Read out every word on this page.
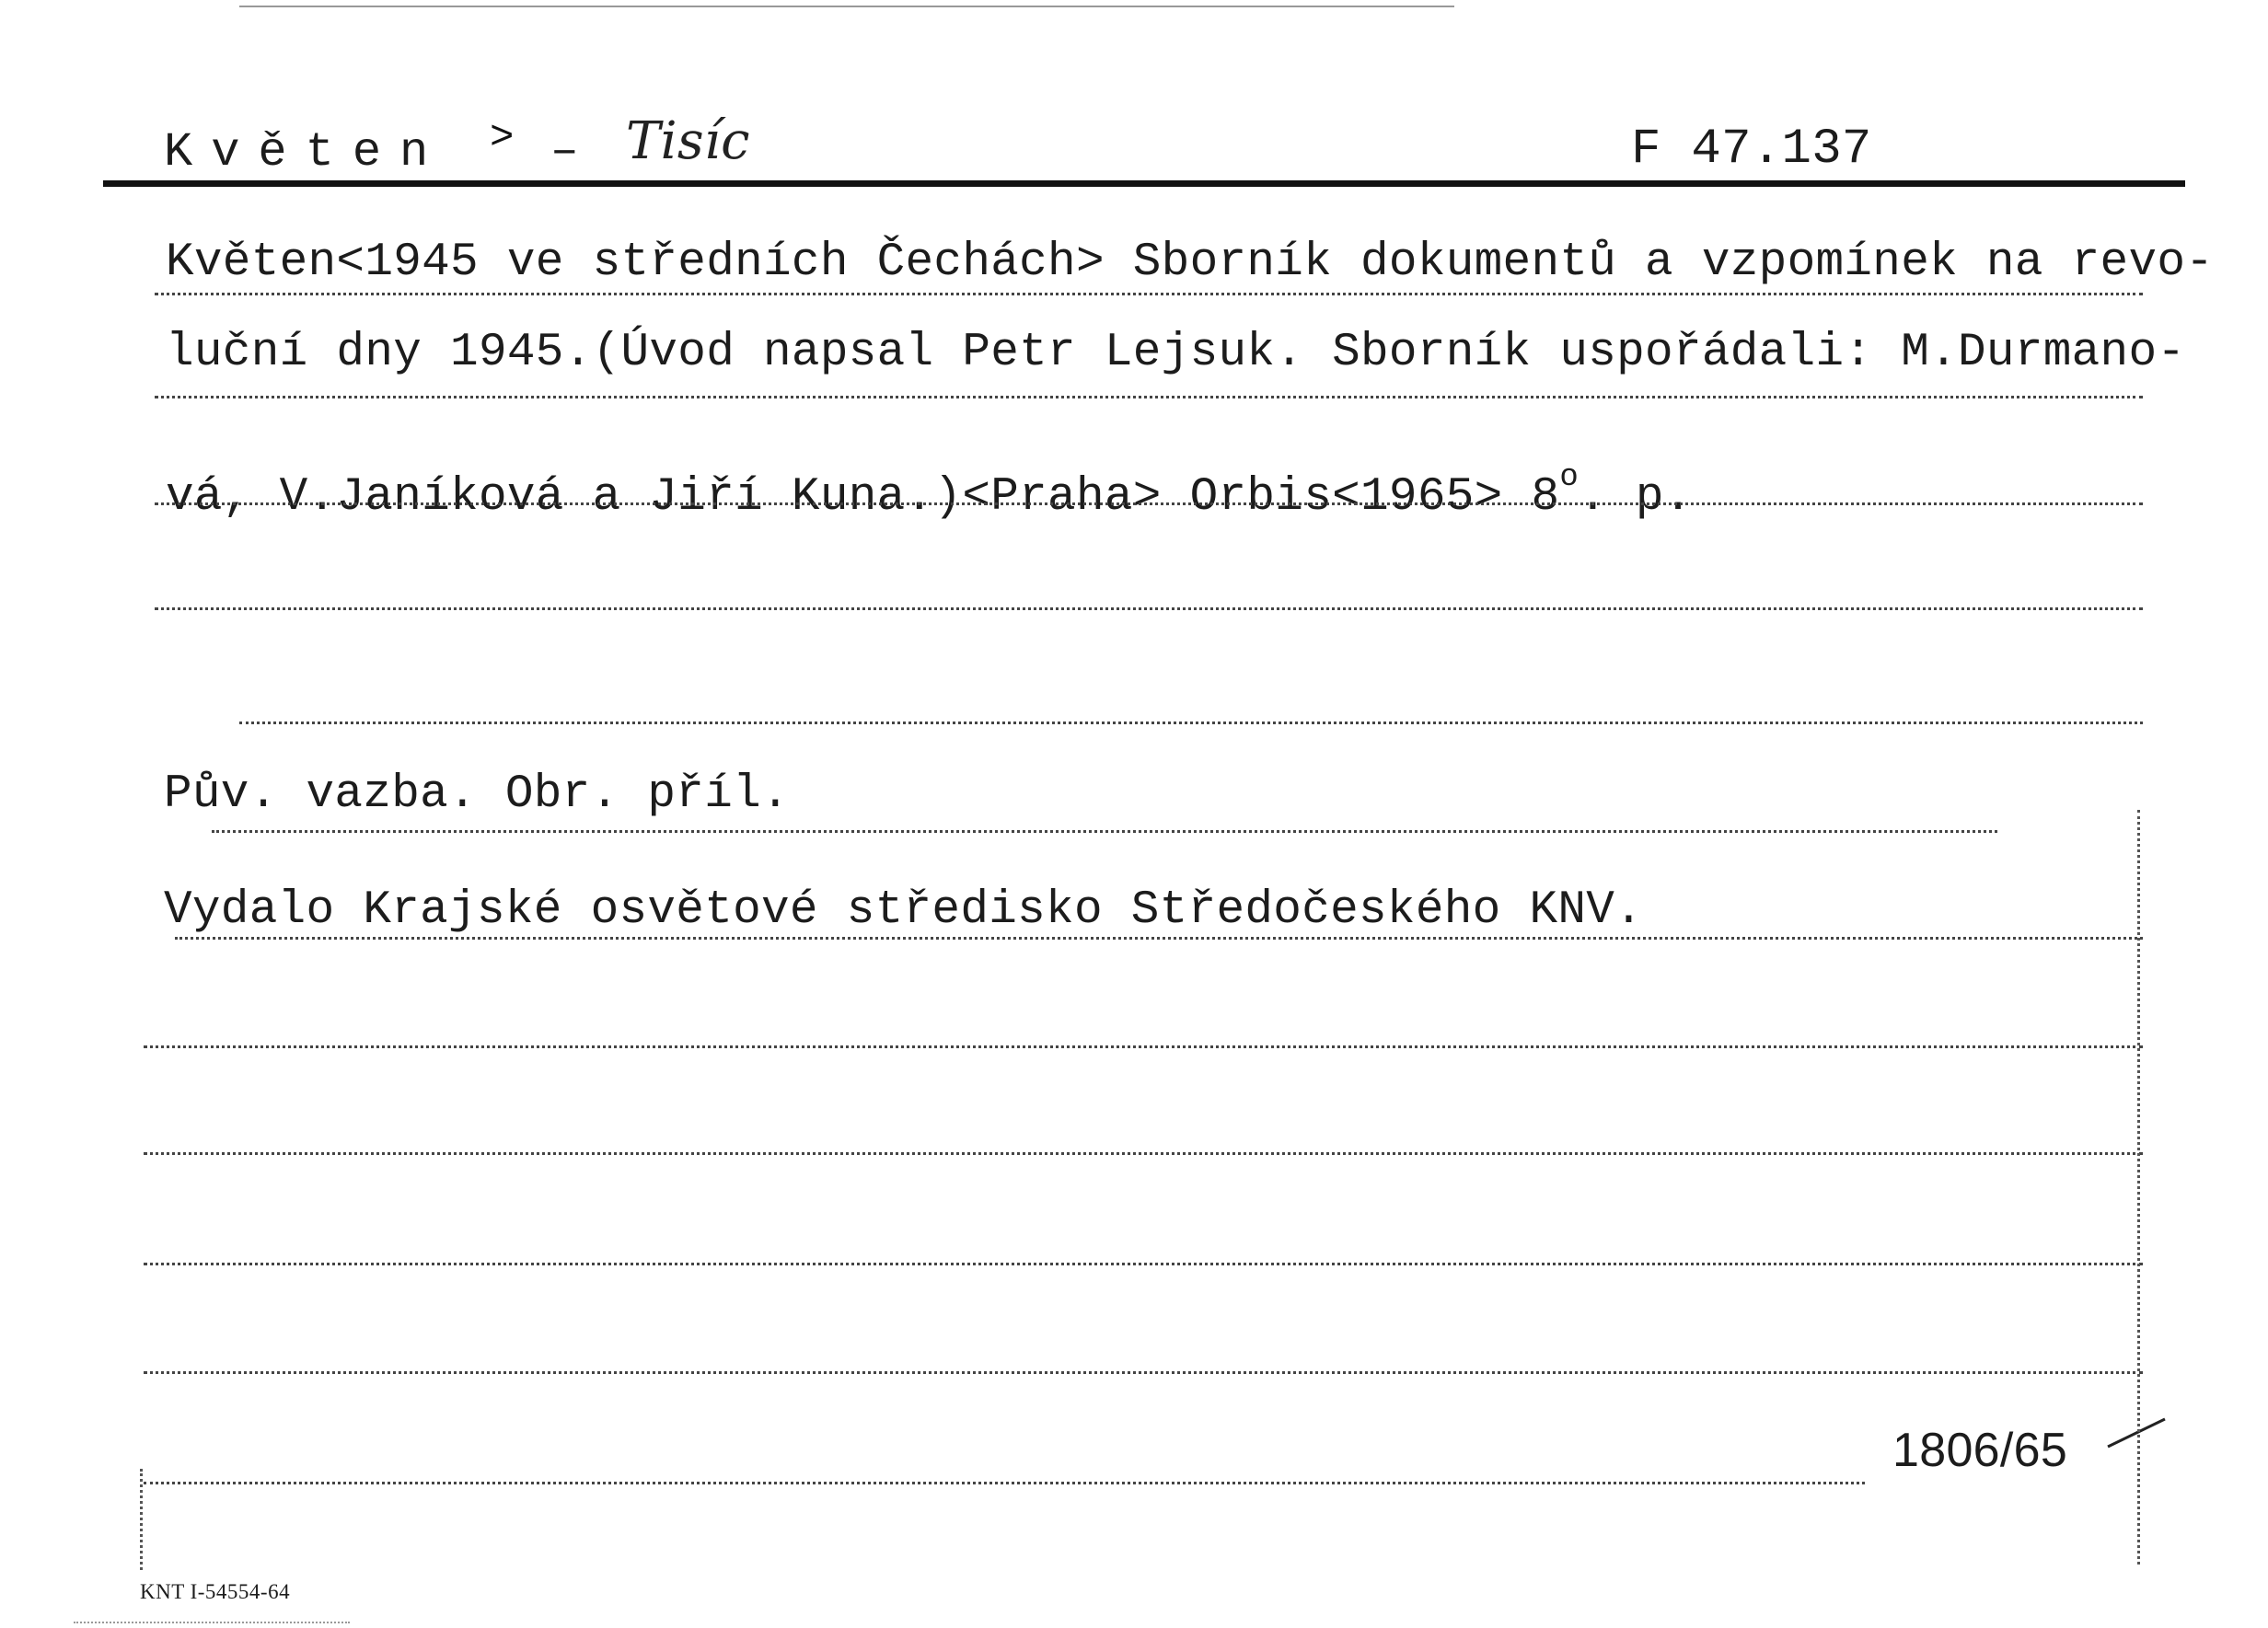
Květen > – Tisíc	F 47.137
Květen<1945 ve středních Čechách> Sborník dokumentů a vzpomínek na revo-
luční dny 1945.(Úvod napsal Petr Lejsuk. Sborník uspořádali: M.Durmano-
vá, V.Janíková a Jiří Kuna.)<Praha> Orbis<1965> $8^o$. p.
Pův. vazba. Obr. příl.
Vydalo Krajské osvětové středisko Středočeského KNV.
1806/65
KNT I-54554-64
